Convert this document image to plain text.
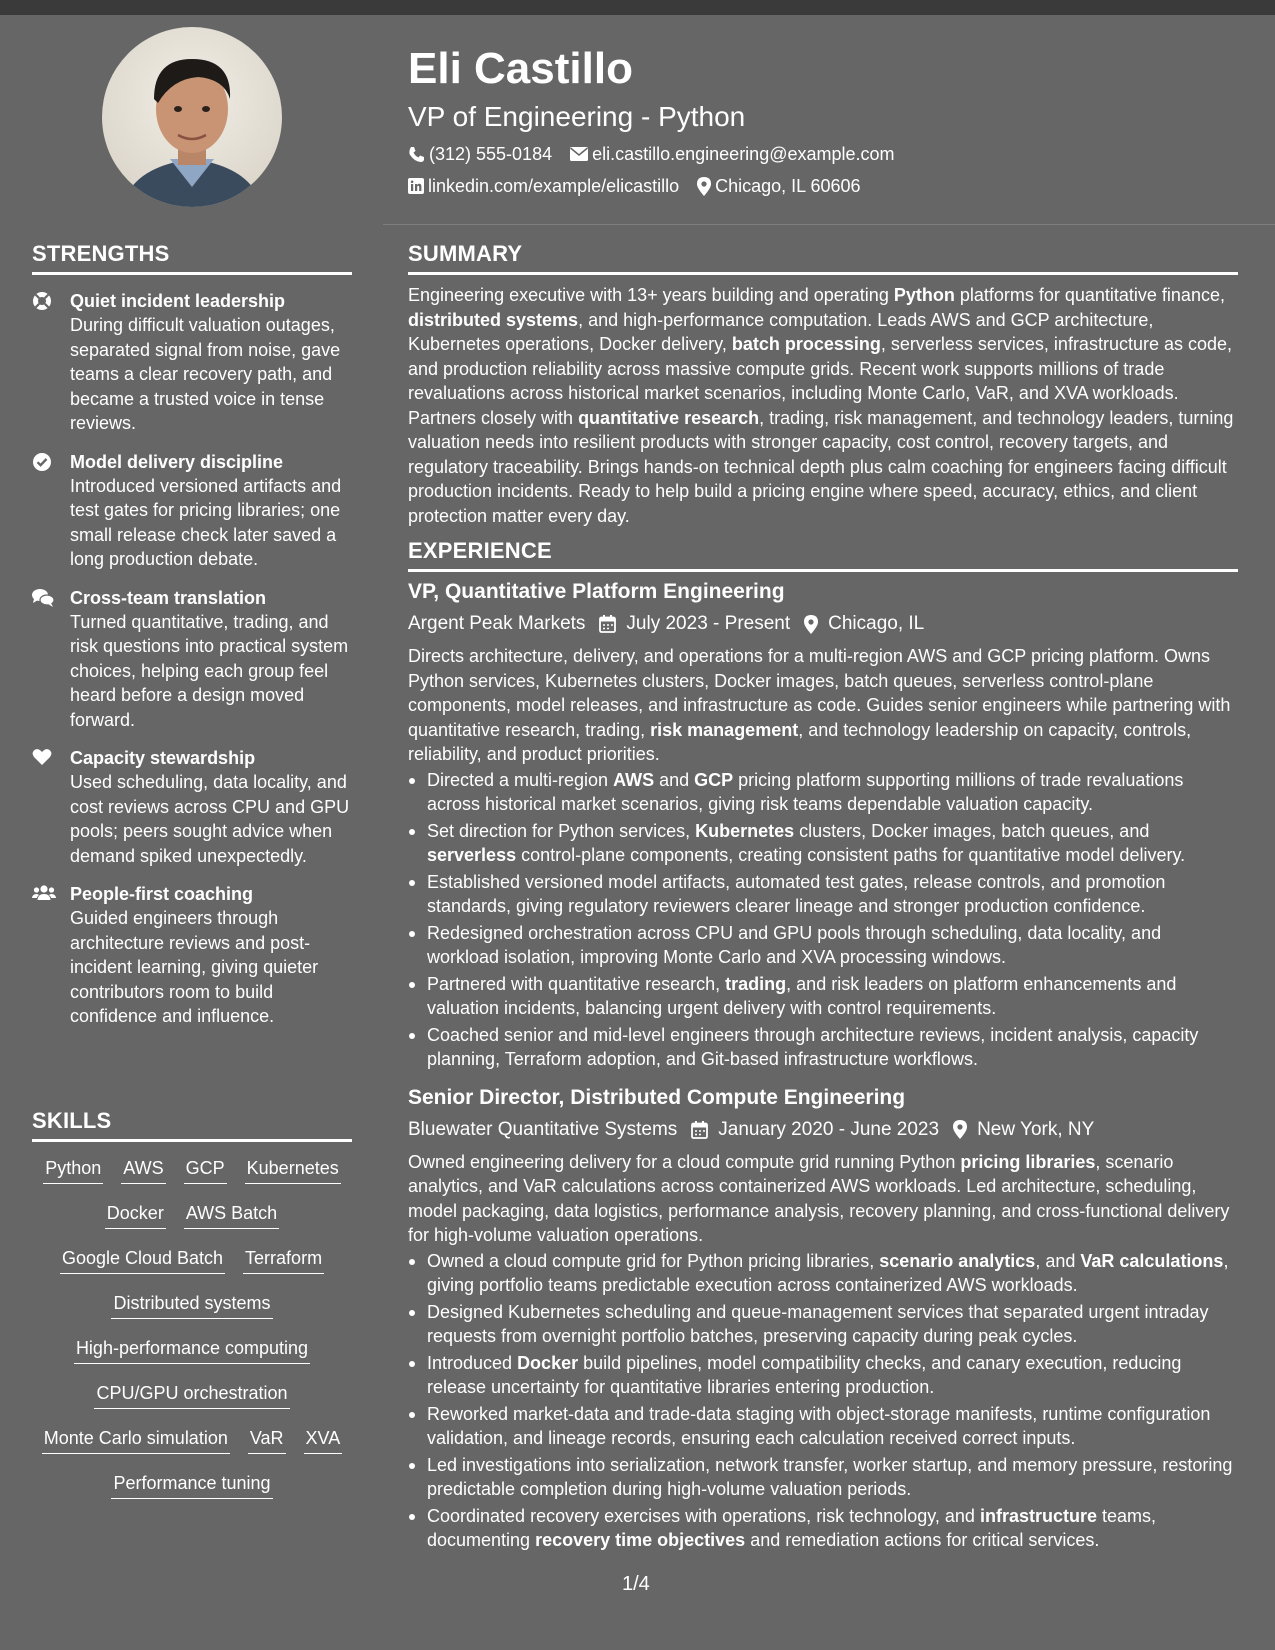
STRENGTHS
Quiet incident leadership
During difficult valuation outages, separated signal from noise, gave teams a clear recovery path, and became a trusted voice in tense reviews.
Model delivery discipline
Introduced versioned artifacts and test gates for pricing libraries; one small release check later saved a long production debate.
Cross-team translation
Turned quantitative, trading, and risk questions into practical system choices, helping each group feel heard before a design moved forward.
Capacity stewardship
Used scheduling, data locality, and cost reviews across CPU and GPU pools; peers sought advice when demand spiked unexpectedly.
People-first coaching
Guided engineers through architecture reviews and post-incident learning, giving quieter contributors room to build confidence and influence.
SKILLS
Python AWS GCP Kubernetes
Docker AWS Batch
Google Cloud Batch Terraform
Distributed systems
High-performance computing
CPU/GPU orchestration
Monte Carlo simulation VaR XVA
Performance tuning
Eli Castillo
VP of Engineering - Python
(312) 555-0184 eli.castillo.engineering@example.com
linkedin.com/example/elicastillo Chicago, IL 60606
SUMMARY
Engineering executive with 13+ years building and operating Python platforms for quantitative finance, distributed systems, and high-performance computation. Leads AWS and GCP architecture, Kubernetes operations, Docker delivery, batch processing, serverless services, infrastructure as code, and production reliability across massive compute grids. Recent work supports millions of trade revaluations across historical market scenarios, including Monte Carlo, VaR, and XVA workloads. Partners closely with quantitative research, trading, risk management, and technology leaders, turning valuation needs into resilient products with stronger capacity, cost control, recovery targets, and regulatory traceability. Brings hands-on technical depth plus calm coaching for engineers facing difficult production incidents. Ready to help build a pricing engine where speed, accuracy, ethics, and client protection matter every day.
EXPERIENCE
VP, Quantitative Platform Engineering
Argent Peak Markets July 2023 - Present Chicago, IL
Directs architecture, delivery, and operations for a multi-region AWS and GCP pricing platform. Owns Python services, Kubernetes clusters, Docker images, batch queues, serverless control-plane components, model releases, and infrastructure as code. Guides senior engineers while partnering with quantitative research, trading, risk management, and technology leadership on capacity, controls, reliability, and product priorities.
Directed a multi-region AWS and GCP pricing platform supporting millions of trade revaluations across historical market scenarios, giving risk teams dependable valuation capacity.
Set direction for Python services, Kubernetes clusters, Docker images, batch queues, and serverless control-plane components, creating consistent paths for quantitative model delivery.
Established versioned model artifacts, automated test gates, release controls, and promotion standards, giving regulatory reviewers clearer lineage and stronger production confidence.
Redesigned orchestration across CPU and GPU pools through scheduling, data locality, and workload isolation, improving Monte Carlo and XVA processing windows.
Partnered with quantitative research, trading, and risk leaders on platform enhancements and valuation incidents, balancing urgent delivery with control requirements.
Coached senior and mid-level engineers through architecture reviews, incident analysis, capacity planning, Terraform adoption, and Git-based infrastructure workflows.
Senior Director, Distributed Compute Engineering
Bluewater Quantitative Systems January 2020 - June 2023 New York, NY
Owned engineering delivery for a cloud compute grid running Python pricing libraries, scenario analytics, and VaR calculations across containerized AWS workloads. Led architecture, scheduling, model packaging, data logistics, performance analysis, recovery planning, and cross-functional delivery for high-volume valuation operations.
Owned a cloud compute grid for Python pricing libraries, scenario analytics, and VaR calculations, giving portfolio teams predictable execution across containerized AWS workloads.
Designed Kubernetes scheduling and queue-management services that separated urgent intraday requests from overnight portfolio batches, preserving capacity during peak cycles.
Introduced Docker build pipelines, model compatibility checks, and canary execution, reducing release uncertainty for quantitative libraries entering production.
Reworked market-data and trade-data staging with object-storage manifests, runtime configuration validation, and lineage records, ensuring each calculation received correct inputs.
Led investigations into serialization, network transfer, worker startup, and memory pressure, restoring predictable completion during high-volume valuation periods.
Coordinated recovery exercises with operations, risk technology, and infrastructure teams, documenting recovery time objectives and remediation actions for critical services.
1/4
